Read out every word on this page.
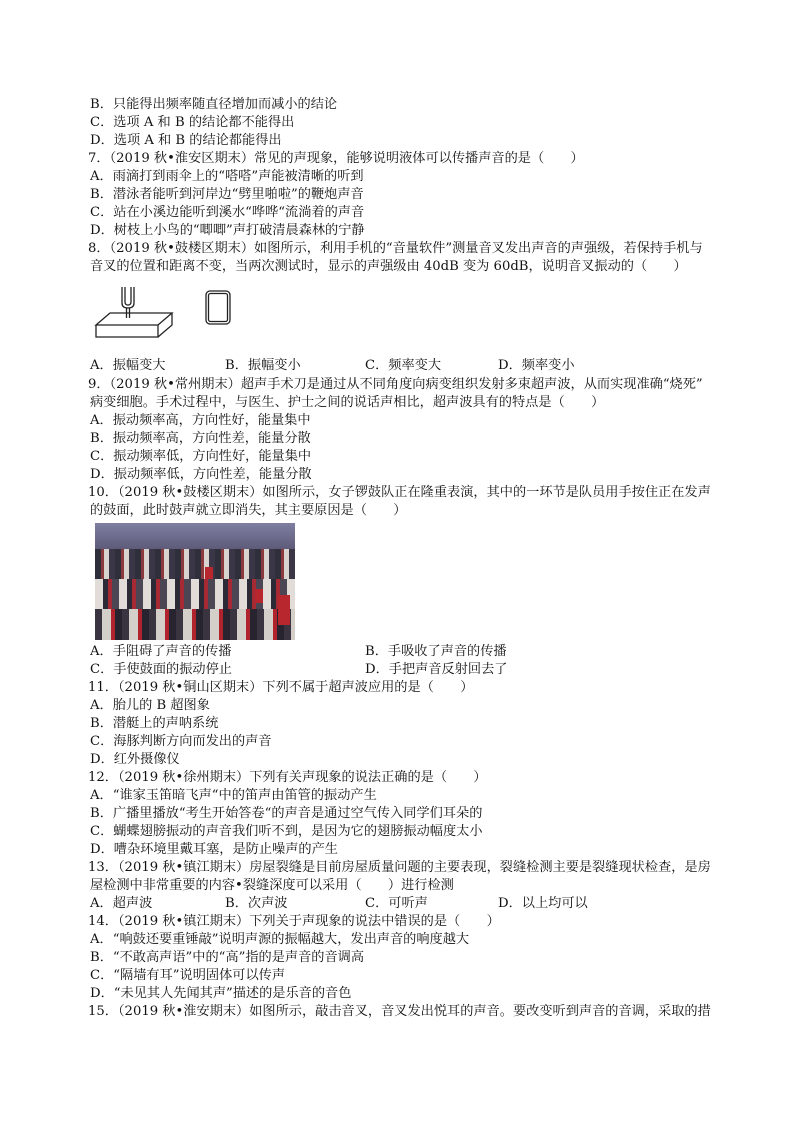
B．只能得出频率随直径增加而减小的结论
C．选项 A 和 B 的结论都不能得出
D．选项 A 和 B 的结论都能得出
7．（2019 秋•淮安区期末）常见的声现象，能够说明液体可以传播声音的是（　　）
A．雨滴打到雨伞上的“嗒嗒”声能被清晰的听到
B．潜泳者能听到河岸边“劈里啪啦”的鞭炮声音
C．站在小溪边能听到溪水“哗哗“流淌着的声音
D．树枝上小鸟的“唧唧”声打破清晨森林的宁静
8．（2019 秋•鼓楼区期末）如图所示，利用手机的“音量软件”测量音叉发出声音的声强级，若保持手机与
音叉的位置和距离不变，当两次测试时，显示的声强级由 40dB 变为 60dB，说明音叉振动的（　　）
A．振幅变大	B．振幅变小	C．频率变大	D．频率变小
9．（2019 秋•常州期末）超声手术刀是通过从不同角度向病变组织发射多束超声波，从而实现准确“烧死”
病变细胞。手术过程中，与医生、护士之间的说话声相比，超声波具有的特点是（　　）
A．振动频率高，方向性好，能量集中
B．振动频率高，方向性差，能量分散
C．振动频率低，方向性好，能量集中
D．振动频率低，方向性差，能量分散
10．（2019 秋•鼓楼区期末）如图所示，女子锣鼓队正在隆重表演，其中的一环节是队员用手按住正在发声
的鼓面，此时鼓声就立即消失，其主要原因是（　　）
A．手阻碍了声音的传播	B．手吸收了声音的传播
C．手使鼓面的振动停止	D．手把声音反射回去了
11．（2019 秋•铜山区期末）下列不属于超声波应用的是（　　）
A．胎儿的 B 超图象
B．潜艇上的声呐系统
C．海豚判断方向而发出的声音
D．红外摄像仪
12．（2019 秋•徐州期末）下列有关声现象的说法正确的是（　　）
A．“谁家玉笛暗飞声“中的笛声由笛管的振动产生
B．广播里播放“考生开始答卷“的声音是通过空气传入同学们耳朵的
C．蝴蝶翅膀振动的声音我们听不到，是因为它的翅膀振动幅度太小
D．嘈杂环境里戴耳塞，是防止噪声的产生
13．（2019 秋•镇江期末）房屋裂缝是目前房屋质量问题的主要表现，裂缝检测主要是裂缝现状检查，是房
屋检测中非常重要的内容•裂缝深度可以采用（　　）进行检测
A．超声波	B．次声波	C．可听声	D．以上均可以
14．（2019 秋•镇江期末）下列关于声现象的说法中错误的是（　　）
A．“响鼓还要重锤敲”说明声源的振幅越大，发出声音的响度越大
B．“不敢高声语”中的“高”指的是声音的音调高
C．“隔墙有耳”说明固体可以传声
D．“未见其人先闻其声”描述的是乐音的音色
15．（2019 秋•淮安期末）如图所示，敲击音叉，音叉发出悦耳的声音。要改变听到声音的音调，采取的措
